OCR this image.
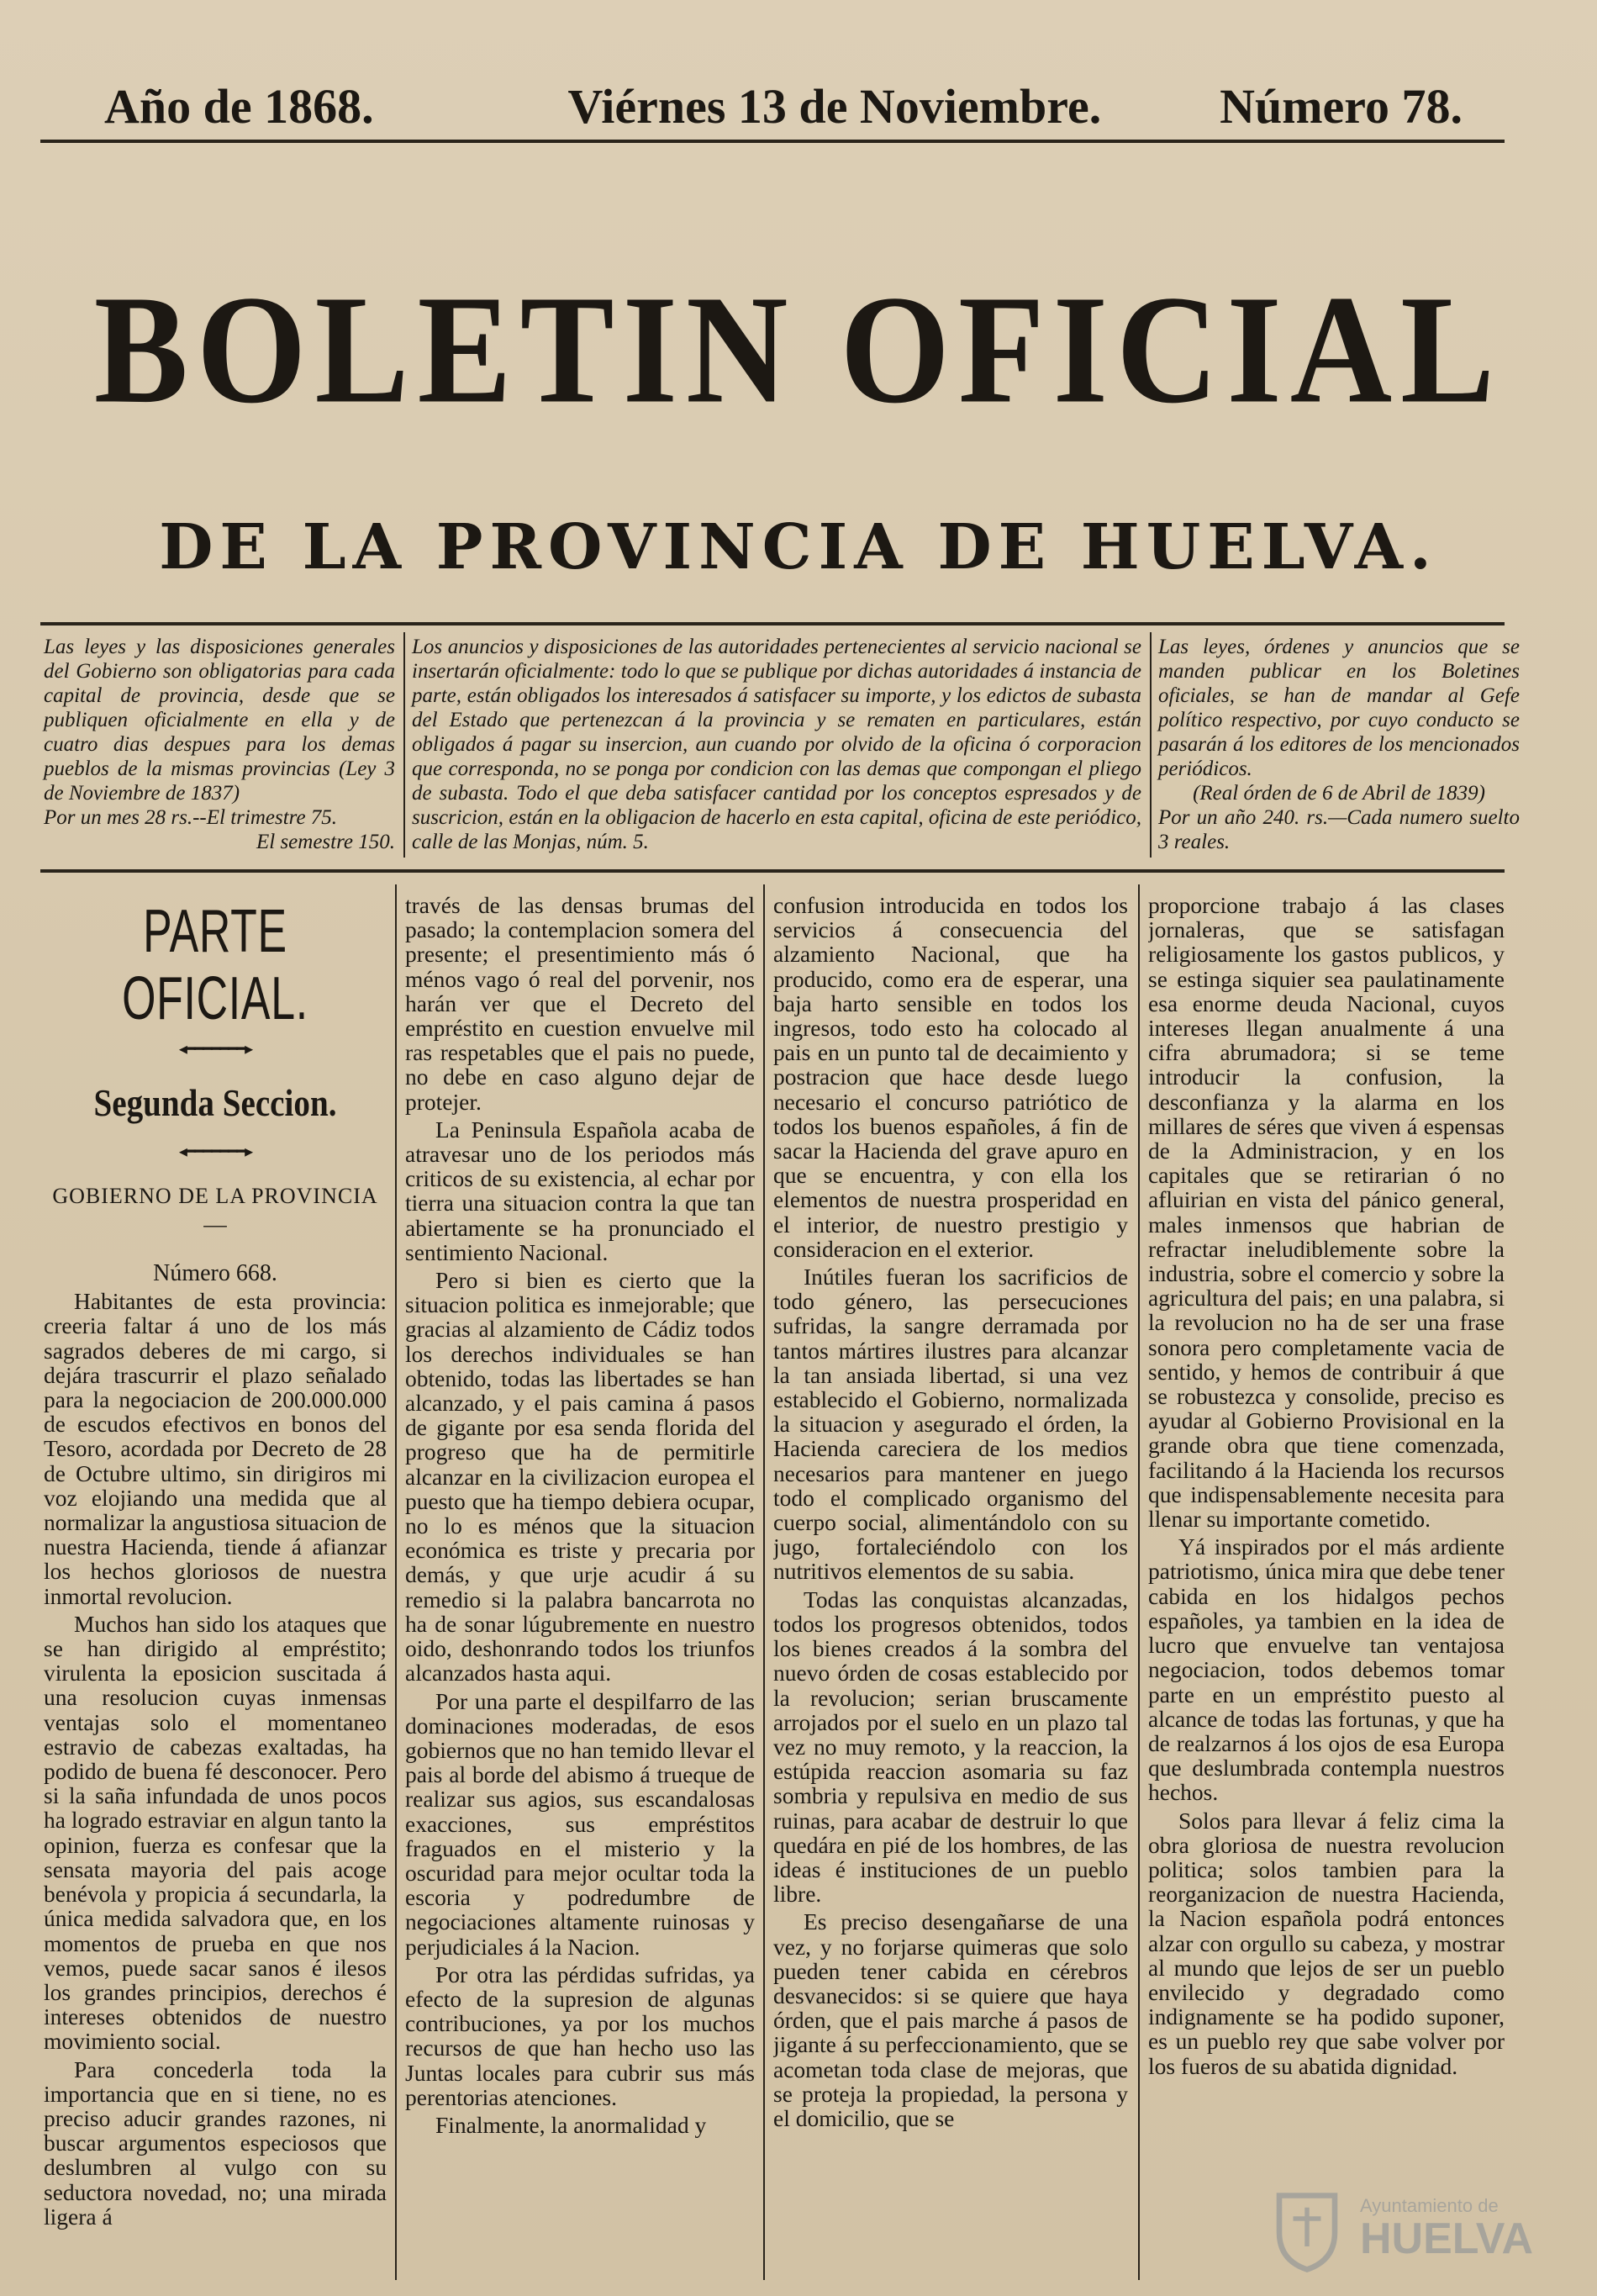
Año de 1868.	Viérnes 13 de Noviembre. Número 78.
BOLETIN OFICIAL
DE LA PROVINCIA DE HUELVA.

Las leyes y las disposiciones generales del Gobierno son obligatorias para cada capital de provincia, desde que se publiquen oficialmente en ella y de cuatro dias despues para los demas pueblos de la mismas provincias (Ley 3 de Noviembre de 1837)

Por un mes 28 rs.--El trimestre 75.

El semestre 150.

Los anuncios y disposiciones de las autoridades pertenecientes al servicio nacional se insertarán oficialmente: todo lo que se publique por dichas autoridades á instancia de parte, están obligados los interesados á satisfacer su importe, y los edictos de subasta del Estado que pertenezcan á la provincia y se rematen en particulares, están obligados á pagar su insercion, aun cuando por olvido de la oficina ó corporacion que corresponda, no se ponga por condicion con las demas que compongan el pliego de subasta. Todo el que deba satisfacer cantidad por los conceptos espresados y de suscricion, están en la obligacion de hacerlo en esta capital, oficina de este periódico, calle de las Monjas, núm. 5.

Las leyes, órdenes y anuncios que se manden publicar en los Boletines oficiales, se han de mandar al Gefe político respectivo, por cuyo conducto se pasarán á los editores de los mencionados periódicos.

(Real órden de 6 de Abril de 1839)

Por un año 240. rs.—Cada numero suelto 3 reales.

PARTE OFICIAL.
◂━━━━━━━▸
Segunda Seccion.
◂━━━━━━━▸
GOBIERNO DE LA PROVINCIA
—

Número 668.

Habitantes de esta provincia: creeria faltar á uno de los más sagrados deberes de mi cargo, si dejára trascurrir el plazo señalado para la negociacion de 200.000.000 de escudos efectivos en bonos del Tesoro, acordada por Decreto de 28 de Octubre ultimo, sin dirigiros mi voz elojiando una medida que al normalizar la angustiosa situacion de nuestra Hacienda, tiende á afianzar los hechos gloriosos de nuestra inmortal revolucion.

Muchos han sido los ataques que se han dirigido al empréstito; virulenta la eposicion suscitada á una resolucion cuyas inmensas ventajas solo el momentaneo estravio de cabezas exaltadas, ha podido de buena fé desconocer. Pero si la saña infundada de unos pocos ha logrado estraviar en algun tanto la opinion, fuerza es confesar que la sensata mayoria del pais acoge benévola y propicia á secundarla, la única medida salvadora que, en los momentos de prueba en que nos vemos, puede sacar sanos é ilesos los grandes principios, derechos é intereses obtenidos de nuestro movimiento social.

Para concederla toda la importancia que en si tiene, no es preciso aducir grandes razones, ni buscar argumentos especiosos que deslumbren al vulgo con su seductora novedad, no; una mirada ligera á

través de las densas brumas del pasado; la contemplacion somera del presente; el presentimiento más ó ménos vago ó real del porvenir, nos harán ver que el Decreto del empréstito en cuestion envuelve mil ras respetables que el pais no puede, no debe en caso alguno dejar de protejer.

La Peninsula Española acaba de atravesar uno de los periodos más criticos de su existencia, al echar por tierra una situacion contra la que tan abiertamente se ha pronunciado el sentimiento Nacional.

Pero si bien es cierto que la situacion politica es inmejorable; que gracias al alzamiento de Cádiz todos los derechos individuales se han obtenido, todas las libertades se han alcanzado, y el pais camina á pasos de gigante por esa senda florida del progreso que ha de permitirle alcanzar en la civilizacion europea el puesto que ha tiempo debiera ocupar, no lo es ménos que la situacion económica es triste y precaria por demás, y que urje acudir á su remedio si la palabra bancarrota no ha de sonar lúgubremente en nuestro oido, deshonrando todos los triunfos alcanzados hasta aqui.

Por una parte el despilfarro de las dominaciones moderadas, de esos gobiernos que no han temido llevar el pais al borde del abismo á trueque de realizar sus agios, sus escandalosas exacciones, sus empréstitos fraguados en el misterio y la oscuridad para mejor ocultar toda la escoria y podredumbre de negociaciones altamente ruinosas y perjudiciales á la Nacion.

Por otra las pérdidas sufridas, ya efecto de la supresion de algunas contribuciones, ya por los muchos recursos de que han hecho uso las Juntas locales para cubrir sus más perentorias atenciones.

Finalmente, la anormalidad y

confusion introducida en todos los servicios á consecuencia del alzamiento Nacional, que ha producido, como era de esperar, una baja harto sensible en todos los ingresos, todo esto ha colocado al pais en un punto tal de decaimiento y postracion que hace desde luego necesario el concurso patriótico de todos los buenos españoles, á fin de sacar la Hacienda del grave apuro en que se encuentra, y con ella los elementos de nuestra prosperidad en el interior, de nuestro prestigio y consideracion en el exterior.

Inútiles fueran los sacrificios de todo género, las persecuciones sufridas, la sangre derramada por tantos mártires ilustres para alcanzar la tan ansiada libertad, si una vez establecido el Gobierno, normalizada la situacion y asegurado el órden, la Hacienda careciera de los medios necesarios para mantener en juego todo el complicado organismo del cuerpo social, alimentándolo con su jugo, fortaleciéndolo con los nutritivos elementos de su sabia.

Todas las conquistas alcanzadas, todos los progresos obtenidos, todos los bienes creados á la sombra del nuevo órden de cosas establecido por la revolucion; serian bruscamente arrojados por el suelo en un plazo tal vez no muy remoto, y la reaccion, la estúpida reaccion asomaria su faz sombria y repulsiva en medio de sus ruinas, para acabar de destruir lo que quedára en pié de los hombres, de las ideas é instituciones de un pueblo libre.

Es preciso desengañarse de una vez, y no forjarse quimeras que solo pueden tener cabida en cérebros desvanecidos: si se quiere que haya órden, que el pais marche á pasos de jigante á su perfeccionamiento, que se acometan toda clase de mejoras, que se proteja la propiedad, la persona y el domicilio, que se

proporcione trabajo á las clases jornaleras, que se satisfagan religiosamente los gastos publicos, y se estinga siquier sea paulatinamente esa enorme deuda Nacional, cuyos intereses llegan anualmente á una cifra abrumadora; si se teme introducir la confusion, la desconfianza y la alarma en los millares de séres que viven á espensas de la Administracion, y en los capitales que se retirarian ó no afluirian en vista del pánico general, males inmensos que habrian de refractar ineludiblemente sobre la industria, sobre el comercio y sobre la agricultura del pais; en una palabra, si la revolucion no ha de ser una frase sonora pero completamente vacia de sentido, y hemos de contribuir á que se robustezca y consolide, preciso es ayudar al Gobierno Provisional en la grande obra que tiene comenzada, facilitando á la Hacienda los recursos que indispensablemente necesita para llenar su importante cometido.

Yá inspirados por el más ardiente patriotismo, única mira que debe tener cabida en los hidalgos pechos españoles, ya tambien en la idea de lucro que envuelve tan ventajosa negociacion, todos debemos tomar parte en un empréstito puesto al alcance de todas las fortunas, y que ha de realzarnos á los ojos de esa Europa que deslumbrada contempla nuestros hechos.

Solos para llevar á feliz cima la obra gloriosa de nuestra revolucion politica; solos tambien para la reorganizacion de nuestra Hacienda, la Nacion española podrá entonces alzar con orgullo su cabeza, y mostrar al mundo que lejos de ser un pueblo envilecido y degradado como indignamente se ha podido suponer, es un pueblo rey que sabe volver por los fueros de su abatida dignidad.

Ayuntamiento de
HUELVA
